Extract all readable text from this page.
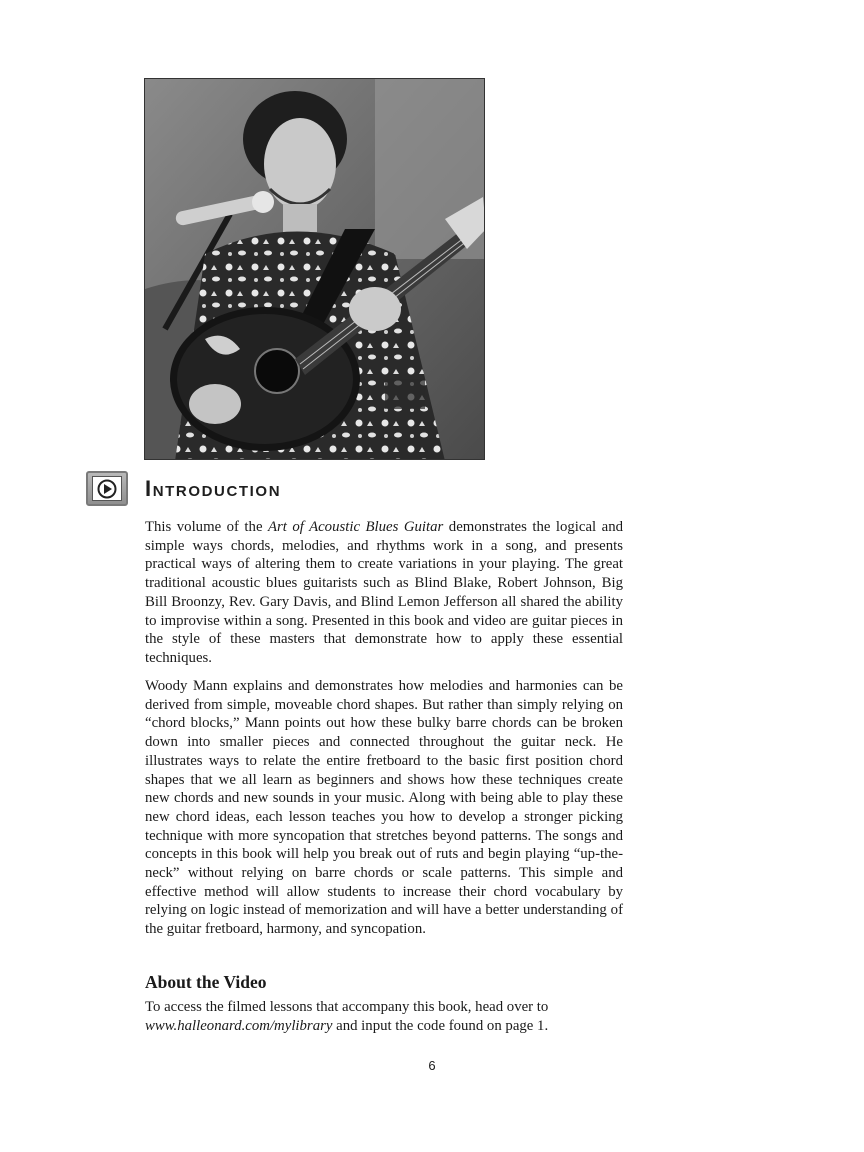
Introduction

This volume of the Art of Acoustic Blues Guitar demonstrates the logical and simple ways chords, melodies, and rhythms work in a song, and presents practical ways of altering them to create variations in your playing. The great traditional acoustic blues guitarists such as Blind Blake, Robert Johnson, Big Bill Broonzy, Rev. Gary Davis, and Blind Lemon Jefferson all shared the ability to improvise within a song. Presented in this book and video are guitar pieces in the style of these masters that demonstrate how to apply these essential techniques.

Woody Mann explains and demonstrates how melodies and harmonies can be derived from simple, moveable chord shapes. But rather than simply relying on “chord blocks,” Mann points out how these bulky barre chords can be broken down into smaller pieces and connected throughout the guitar neck. He illustrates ways to relate the entire fretboard to the basic first position chord shapes that we all learn as beginners and shows how these techniques create new chords and new sounds in your music. Along with being able to play these new chord ideas, each lesson teaches you how to develop a stronger picking technique with more syncopation that stretches beyond patterns. The songs and concepts in this book will help you break out of ruts and begin playing “up-the-neck” without relying on barre chords or scale patterns. This simple and effective method will allow students to increase their chord vocabulary by relying on logic instead of memorization and will have a better understanding of the guitar fretboard, harmony, and syncopation.

About the Video

To access the filmed lessons that accompany this book, head over to
www.halleonard.com/mylibrary and input the code found on page 1.

6
